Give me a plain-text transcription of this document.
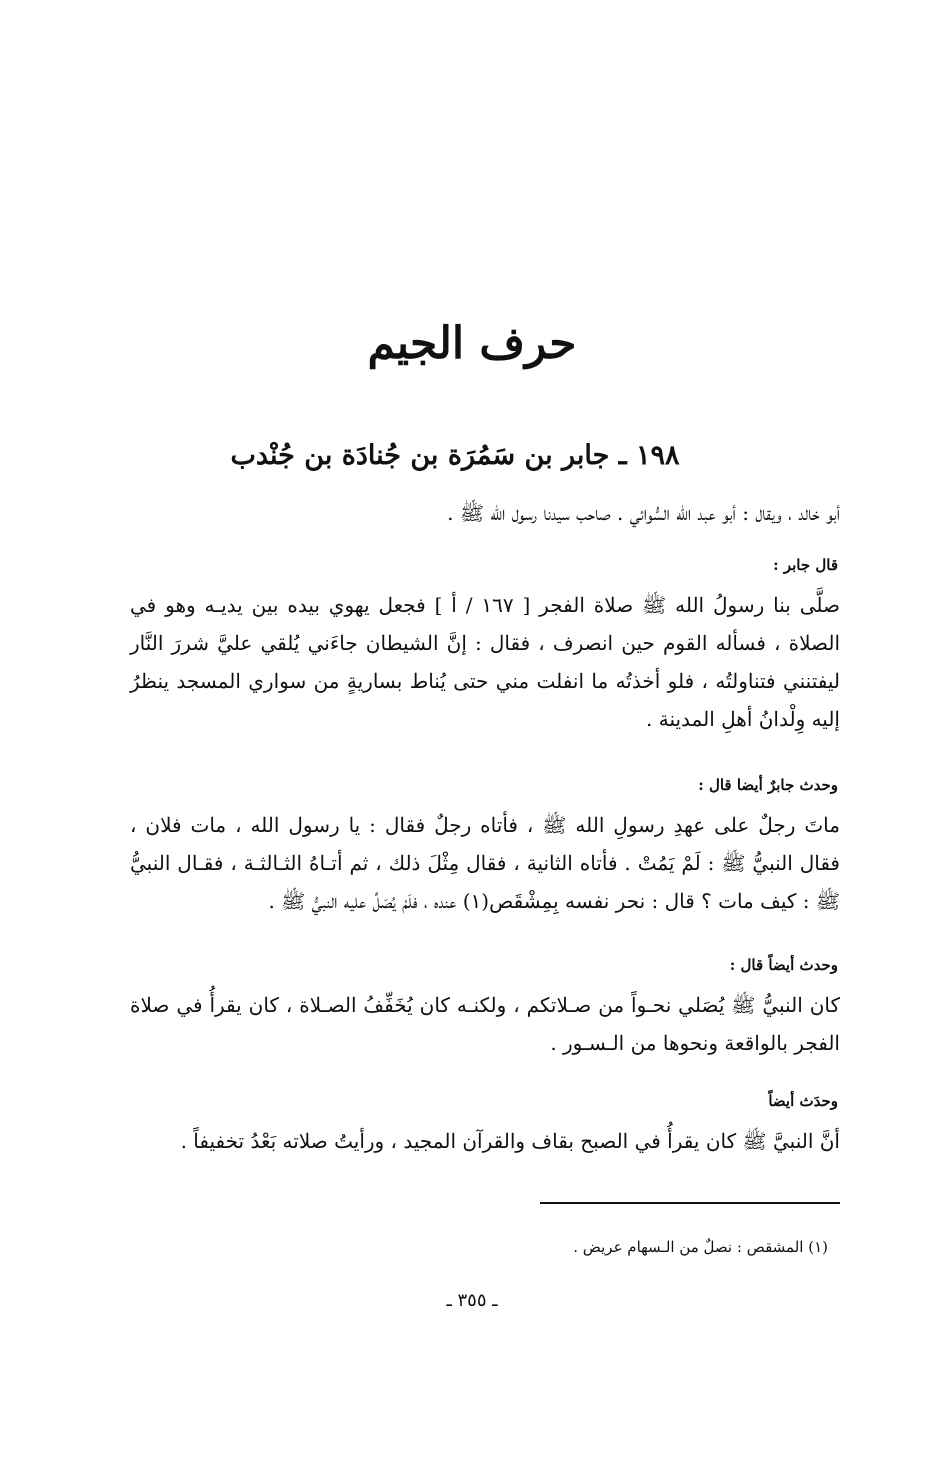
حرف الجيم
١٩٨ ـ جابر بن سَمُرَة بن جُنادَة بن جُنْدب
أبو خالد ، ويقال : أبو عبد الله السُّوائي . صاحب سيدنا رسول الله ﷺ .
قال جابر :
صلَّى بنا رسولُ الله ﷺ صلاة الفجر [ ١٦٧ / أ ] فجعل يهوي بيده بين يديـه وهو في الصلاة ، فسأله القوم حين انصرف ، فقال : إنَّ الشيطان جاءَني يُلقي عليَّ شررَ النَّار ليفتنني فتناولتُه ، فلو أخذتُه ما انفلت مني حتى يُناط بساريةٍ من سواري المسجد ينظرُ إليه وِلْدانُ أهلِ المدينة .
وحدث جابرٌ أيضا قال :
ماتَ رجلٌ على عهدِ رسولِ الله ﷺ ، فأتاه رجلٌ فقال : يا رسول الله ، مات فلان ، فقال النبيُّ ﷺ : لَمْ يَمُتْ . فأتاه الثانية ، فقال مِثْلَ ذلك ، ثم أتـاهُ الثـالثـة ، فقـال النبيُّ ﷺ : كيف مات ؟ قال : نحر نفسه بِمِشْقَص(١) عنده ، فلَمْ يُصَلِّ عليه النبيُّ ﷺ .
وحدث أيضاً قال :
كان النبيُّ ﷺ يُصَلي نحـواً من صـلاتكم ، ولكنـه كان يُخَفِّفُ الصـلاة ، كان يقرأُ في صلاة الفجر بالواقعة ونحوها من الـسـور .
وحدَث أيضاً
أنَّ النبيَّ ﷺ كان يقرأُ في الصبح بقاف والقرآن المجيد ، ورأيتُ صلاته بَعْدُ تخفيفاً .
(١) المشقص : نصلٌ من الـسهام عريض .
ـ ٣٥٥ ـ
